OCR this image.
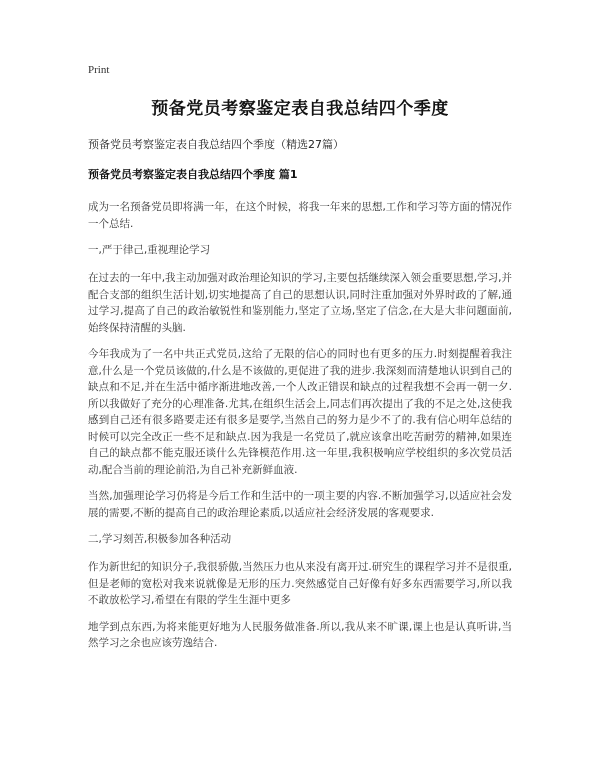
Print
预备党员考察鉴定表自我总结四个季度
预备党员考察鉴定表自我总结四个季度（精选27篇）
预备党员考察鉴定表自我总结四个季度 篇1
成为一名预备党员即将满一年，在这个时候，将我一年来的思想,工作和学习等方面的情况作一个总结.
一,严于律己,重视理论学习
在过去的一年中,我主动加强对政治理论知识的学习,主要包括继续深入领会重要思想,学习,并配合支部的组织生活计划,切实地提高了自己的思想认识,同时注重加强对外界时政的了解,通过学习,提高了自己的政治敏锐性和鉴别能力,坚定了立场,坚定了信念,在大是大非问题面前,始终保持清醒的头脑.
今年我成为了一名中共正式党员,这给了无限的信心的同时也有更多的压力.时刻提醒着我注意,什么是一个党员该做的,什么是不该做的,更促进了我的进步.我深刻而清楚地认识到自己的缺点和不足,并在生活中循序渐进地改善,一个人改正错误和缺点的过程我想不会再一朝一夕.所以我做好了充分的心理准备.尤其,在组织生活会上,同志们再次提出了我的不足之处,这使我感到自己还有很多路要走还有很多是要学,当然自己的努力是少不了的.我有信心明年总结的时候可以完全改正一些不足和缺点.因为我是一名党员了,就应该拿出吃苦耐劳的精神,如果连自己的缺点都不能克服还谈什么先锋模范作用.这一年里,我积极响应学校组织的多次党员活动,配合当前的理论前沿,为自己补充新鲜血液.
当然,加强理论学习仍将是今后工作和生活中的一项主要的内容.不断加强学习,以适应社会发展的需要,不断的提高自己的政治理论素质,以适应社会经济发展的客观要求.
二,学习刻苦,积极参加各种活动
作为新世纪的知识分子,我很骄傲,当然压力也从来没有离开过.研究生的课程学习并不是很重,但是老师的宽松对我来说就像是无形的压力.突然感觉自己好像有好多东西需要学习,所以我不敢放松学习,希望在有限的学生生涯中更多
地学到点东西,为将来能更好地为人民服务做准备.所以,我从来不旷课,课上也是认真听讲,当然学习之余也应该劳逸结合.
